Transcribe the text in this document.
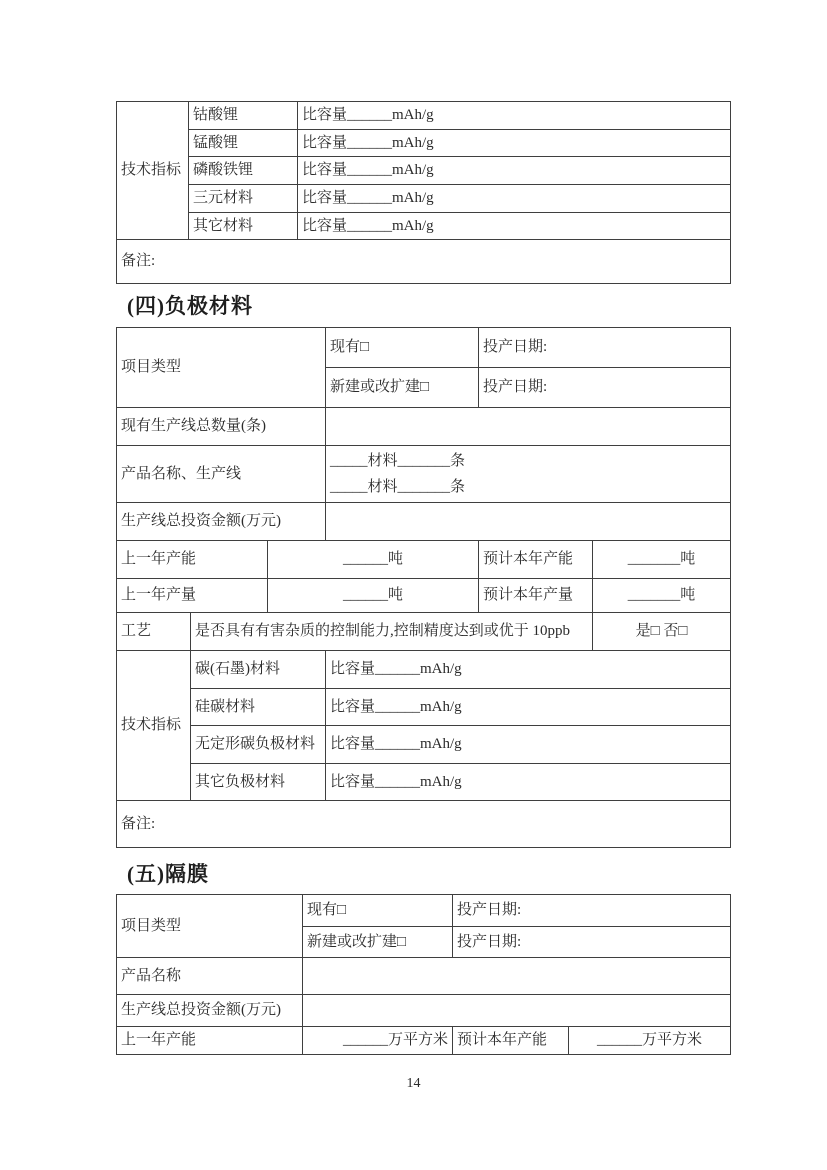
技术指标	钴酸锂	比容量______mAh/g
	锰酸锂	比容量______mAh/g
	磷酸铁锂	比容量______mAh/g
	三元材料	比容量______mAh/g
	其它材料	比容量______mAh/g
备注:		
(四)负极材料
项目类型			现有□	投产日期:	
			新建或改扩建□	投产日期:	
现有生产线总数量(条)					
产品名称、生产线			_____材料_______条
_____材料_______条		

生产线总投资金额(万元)					
上一年产能		______吨		预计本年产能	_______吨
上一年产量		______吨		预计本年产量	_______吨
工艺	是否具有有害杂质的控制能力,控制精度达到或优于 10ppb				是□ 否□
技术指标	碳(石墨)材料		比容量______mAh/g		
	硅碳材料		比容量______mAh/g		
	无定形碳负极材料		比容量______mAh/g		
	其它负极材料		比容量______mAh/g		
备注:					
(五)隔膜
项目类型	现有□	投产日期:	
	新建或改扩建□	投产日期:	
产品名称			
生产线总投资金额(万元)			
上一年产能	______万平方米	预计本年产能	______万平方米
14
